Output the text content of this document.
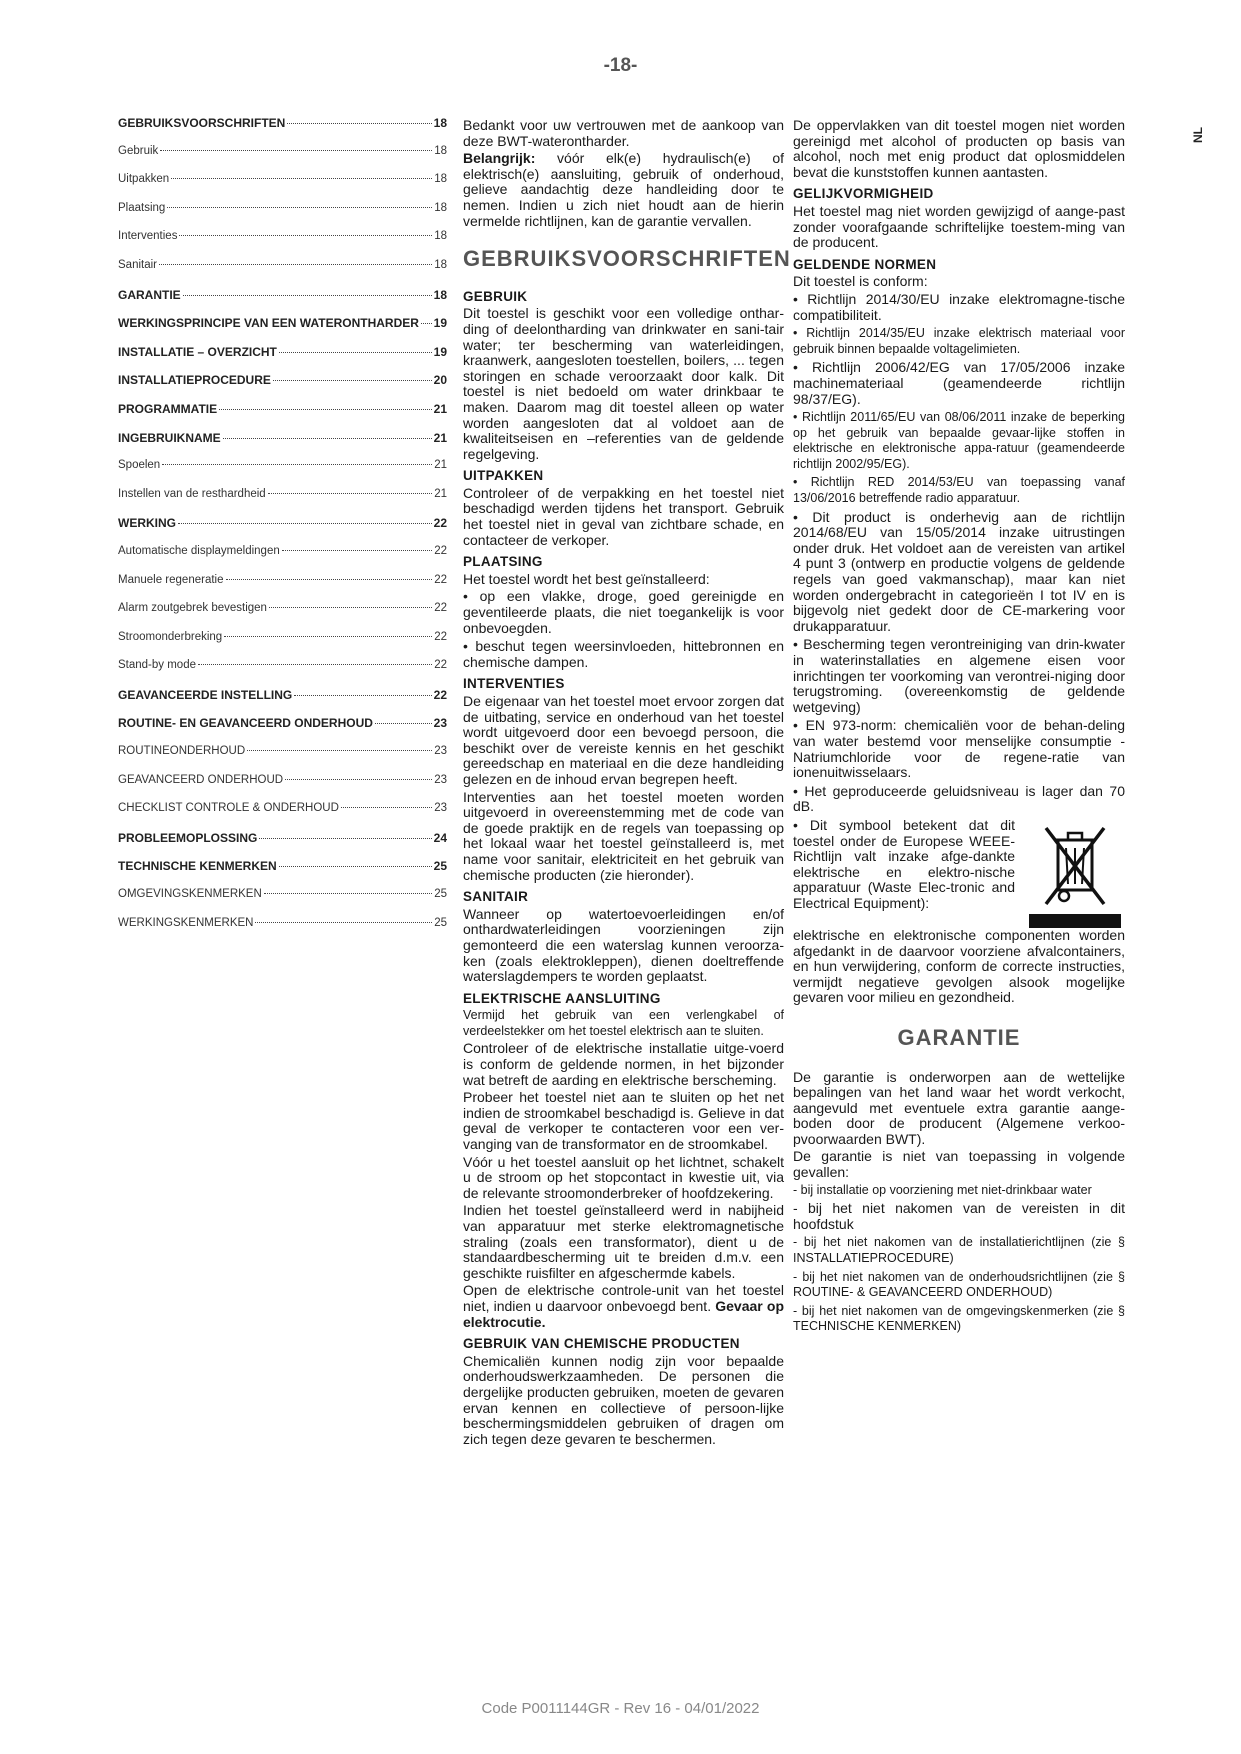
-18-
NL
GEBRUIKSVOORSCHRIFTEN	18
Gebruik	18
Uitpakken	18
Plaatsing	18
Interventies	18
Sanitair	18
GARANTIE	18
WERKINGSPRINCIPE VAN EEN WATERONTHARDER 19
INSTALLATIE – OVERZICHT	19
INSTALLATIEPROCEDURE	20
PROGRAMMATIE	21
INGEBRUIKNAME	21
Spoelen	21
Instellen van de resthardheid	21
WERKING	22
Automatische displaymeldingen	22
Manuele regeneratie	22
Alarm zoutgebrek bevestigen	22
Stroomonderbreking	22
Stand-by mode	22
GEAVANCEERDE INSTELLING	22
ROUTINE- EN GEAVANCEERD ONDERHOUD	23
ROUTINEONDERHOUD	23
GEAVANCEERD ONDERHOUD	23
CHECKLIST CONTROLE & ONDERHOUD	23
PROBLEEMOPLOSSING	24
TECHNISCHE KENMERKEN	25
OMGEVINGSKENMERKEN	25
WERKINGSKENMERKEN	25

Bedankt voor uw vertrouwen met de aankoop van deze BWT-waterontharder.

Belangrijk: vóór elk(e) hydraulisch(e) of elektrisch(e) aansluiting, gebruik of onderhoud, gelieve aandachtig deze handleiding door te nemen. Indien u zich niet houdt aan de hierin vermelde richtlijnen, kan de garantie vervallen.

GEBRUIKSVOORSCHRIFTEN
GEBRUIK

Dit toestel is geschikt voor een volledige onthar-ding of deelontharding van drinkwater en sani-tair water; ter bescherming van waterleidingen, kraanwerk, aangesloten toestellen, boilers, ... tegen storingen en schade veroorzaakt door kalk. Dit toestel is niet bedoeld om water drinkbaar te maken. Daarom mag dit toestel alleen op water worden aangesloten dat al voldoet aan de kwaliteitseisen en –referenties van de geldende regelgeving.

UITPAKKEN

Controleer of de verpakking en het toestel niet beschadigd werden tijdens het transport. Gebruik het toestel niet in geval van zichtbare schade, en contacteer de verkoper.

PLAATSING

Het toestel wordt het best geïnstalleerd:

• op een vlakke, droge, goed gereinigde en geventileerde plaats, die niet toegankelijk is voor onbevoegden.

• beschut tegen weersinvloeden, hittebronnen en chemische dampen.

INTERVENTIES

De eigenaar van het toestel moet ervoor zorgen dat de uitbating, service en onderhoud van het toestel wordt uitgevoerd door een bevoegd persoon, die beschikt over de vereiste kennis en het geschikt gereedschap en materiaal en die deze handleiding gelezen en de inhoud ervan begrepen heeft.

Interventies aan het toestel moeten worden uitgevoerd in overeenstemming met de code van de goede praktijk en de regels van toepassing op het lokaal waar het toestel geïnstalleerd is, met name voor sanitair, elektriciteit en het gebruik van chemische producten (zie hieronder).

SANITAIR

Wanneer op watertoevoerleidingen en/of onthardwaterleidingen voorzieningen zijn gemonteerd die een waterslag kunnen veroorza-ken (zoals elektrokleppen), dienen doeltreffende waterslagdempers te worden geplaatst.

ELEKTRISCHE AANSLUITING

Vermijd het gebruik van een verlengkabel of verdeelstekker om het toestel elektrisch aan te sluiten.

Controleer of de elektrische installatie uitge-voerd is conform de geldende normen, in het bijzonder wat betreft de aarding en elektrische berscheming.

Probeer het toestel niet aan te sluiten op het net indien de stroomkabel beschadigd is. Gelieve in dat geval de verkoper te contacteren voor een ver-vanging van de transformator en de stroomkabel.

Vóór u het toestel aansluit op het lichtnet, schakelt u de stroom op het stopcontact in kwestie uit, via de relevante stroomonderbreker of hoofdzekering.

Indien het toestel geïnstalleerd werd in nabijheid van apparatuur met sterke elektromagnetische straling (zoals een transformator), dient u de standaardbescherming uit te breiden d.m.v. een geschikte ruisfilter en afgeschermde kabels.

Open de elektrische controle-unit van het toestel niet, indien u daarvoor onbevoegd bent. Gevaar op elektrocutie.

GEBRUIK VAN CHEMISCHE PRODUCTEN

Chemicaliën kunnen nodig zijn voor bepaalde onderhoudswerkzaamheden. De personen die dergelijke producten gebruiken, moeten de gevaren ervan kennen en collectieve of persoon-lijke beschermingsmiddelen gebruiken of dragen om zich tegen deze gevaren te beschermen.

De oppervlakken van dit toestel mogen niet worden gereinigd met alcohol of producten op basis van alcohol, noch met enig product dat oplosmiddelen bevat die kunststoffen kunnen aantasten.

GELIJKVORMIGHEID

Het toestel mag niet worden gewijzigd of aange-past zonder voorafgaande schriftelijke toestem-ming van de producent.

GELDENDE NORMEN

Dit toestel is conform:

• Richtlijn 2014/30/EU inzake elektromagne-tische compatibiliteit.

• Richtlijn 2014/35/EU inzake elektrisch materiaal voor gebruik binnen bepaalde voltagelimieten.

• Richtlijn 2006/42/EG van 17/05/2006 inzake machinemateriaal (geamendeerde richtlijn 98/37/EG).

• Richtlijn 2011/65/EU van 08/06/2011 inzake de beperking op het gebruik van bepaalde gevaar-lijke stoffen in elektrische en elektronische appa-ratuur (geamendeerde richtlijn 2002/95/EG).

• Richtlijn RED 2014/53/EU van toepassing vanaf 13/06/2016 betreffende radio apparatuur.

• Dit product is onderhevig aan de richtlijn 2014/68/EU van 15/05/2014 inzake uitrustingen onder druk. Het voldoet aan de vereisten van artikel 4 punt 3 (ontwerp en productie volgens de geldende regels van goed vakmanschap), maar kan niet worden ondergebracht in categorieën I tot IV en is bijgevolg niet gedekt door de CE-markering voor drukapparatuur.

• Bescherming tegen verontreiniging van drin-kwater in waterinstallaties en algemene eisen voor inrichtingen ter voorkoming van verontrei-niging door terugstroming. (overeenkomstig de geldende wetgeving)

• EN 973-norm: chemicaliën voor de behan-deling van water bestemd voor menselijke consumptie - Natriumchloride voor de regene-ratie van ionenuitwisselaars.

• Het geproduceerde geluidsniveau is lager dan 70 dB.

• Dit symbool betekent dat dit toestel onder de Europese WEEE-Richtlijn valt inzake afge-dankte elektrische en elektro-nische apparatuur (Waste Elec-tronic and Electrical Equipment):

elektrische en elektronische componenten worden afgedankt in de daarvoor voorziene afvalcontainers, en hun verwijdering, conform de correcte instructies, vermijdt negatieve gevolgen alsook mogelijke gevaren voor milieu en gezondheid.

GARANTIE

De garantie is onderworpen aan de wettelijke bepalingen van het land waar het wordt verkocht, aangevuld met eventuele extra garantie aange-boden door de producent (Algemene verkoo-pvoorwaarden BWT).

De garantie is niet van toepassing in volgende gevallen:

- bij installatie op voorziening met niet-drinkbaar water

- bij het niet nakomen van de vereisten in dit hoofdstuk

- bij het niet nakomen van de installatierichtlijnen (zie § INSTALLATIEPROCEDURE)

- bij het niet nakomen van de onderhoudsrichtlijnen (zie § ROUTINE- & GEAVANCEERD ONDERHOUD)

- bij het niet nakomen van de omgevingskenmerken (zie § TECHNISCHE KENMERKEN)

Code P0011144GR - Rev 16 - 04/01/2022
